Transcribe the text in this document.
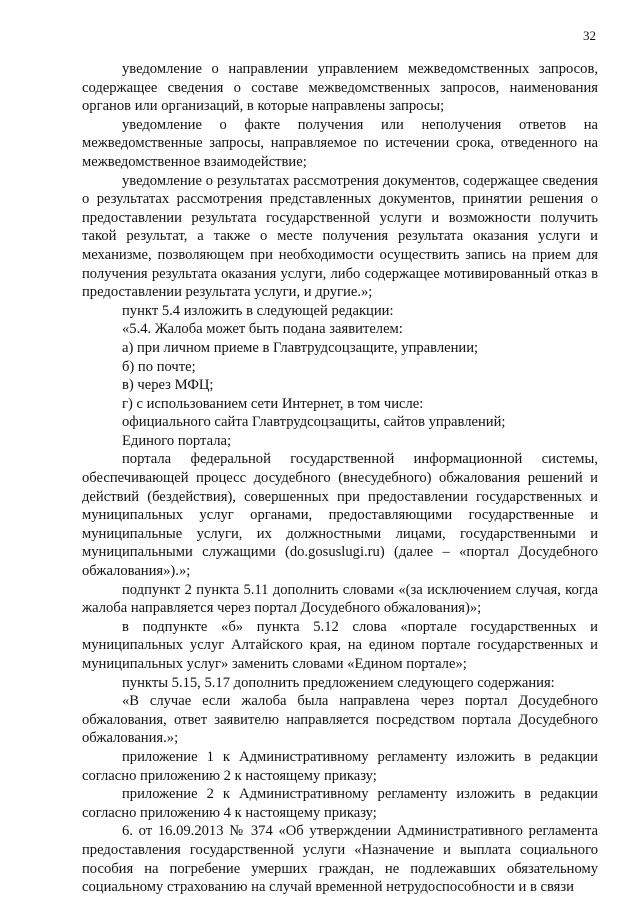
32

уведомление о направлении управлением межведомственных запросов, содержащее сведения о составе межведомственных запросов, наименования органов или организаций, в которые направлены запросы;

уведомление о факте получения или неполучения ответов на межведомственные запросы, направляемое по истечении срока, отведенного на межведомственное взаимодействие;

уведомление о результатах рассмотрения документов, содержащее сведения о результатах рассмотрения представленных документов, принятии решения о предоставлении результата государственной услуги и возможности получить такой результат, а также о месте получения результата оказания услуги и механизме, позволяющем при необходимости осуществить запись на прием для получения результата оказания услуги, либо содержащее мотивированный отказ в предоставлении результата услуги, и другие.»;

пункт 5.4 изложить в следующей редакции:

«5.4. Жалоба может быть подана заявителем:

а) при личном приеме в Главтрудсоцзащите, управлении;

б) по почте;

в) через МФЦ;

г) с использованием сети Интернет, в том числе:

официального сайта Главтрудсоцзащиты, сайтов управлений;

Единого портала;

портала федеральной государственной информационной системы, обеспечивающей процесс досудебного (внесудебного) обжалования решений и действий (бездействия), совершенных при предоставлении государственных и муниципальных услуг органами, предоставляющими государственные и муниципальные услуги, их должностными лицами, государственными и муниципальными служащими (do.gosuslugi.ru) (далее – «портал Досудебного обжалования»).»;

подпункт 2 пункта 5.11 дополнить словами «(за исключением случая, когда жалоба направляется через портал Досудебного обжалования)»;

в подпункте «б» пункта 5.12 слова «портале государственных и муниципальных услуг Алтайского края, на едином портале государственных и муниципальных услуг» заменить словами «Едином портале»;

пункты 5.15, 5.17 дополнить предложением следующего содержания:

«В случае если жалоба была направлена через портал Досудебного обжалования, ответ заявителю направляется посредством портала Досудебного обжалования.»;

приложение 1 к Административному регламенту изложить в редакции согласно приложению 2 к настоящему приказу;

приложение 2 к Административному регламенту изложить в редакции согласно приложению 4 к настоящему приказу;

6. от 16.09.2013 № 374 «Об утверждении Административного регламента предоставления государственной услуги «Назначение и выплата социального пособия на погребение умерших граждан, не подлежавших обязательному социальному страхованию на случай временной нетрудоспособности и в связи
